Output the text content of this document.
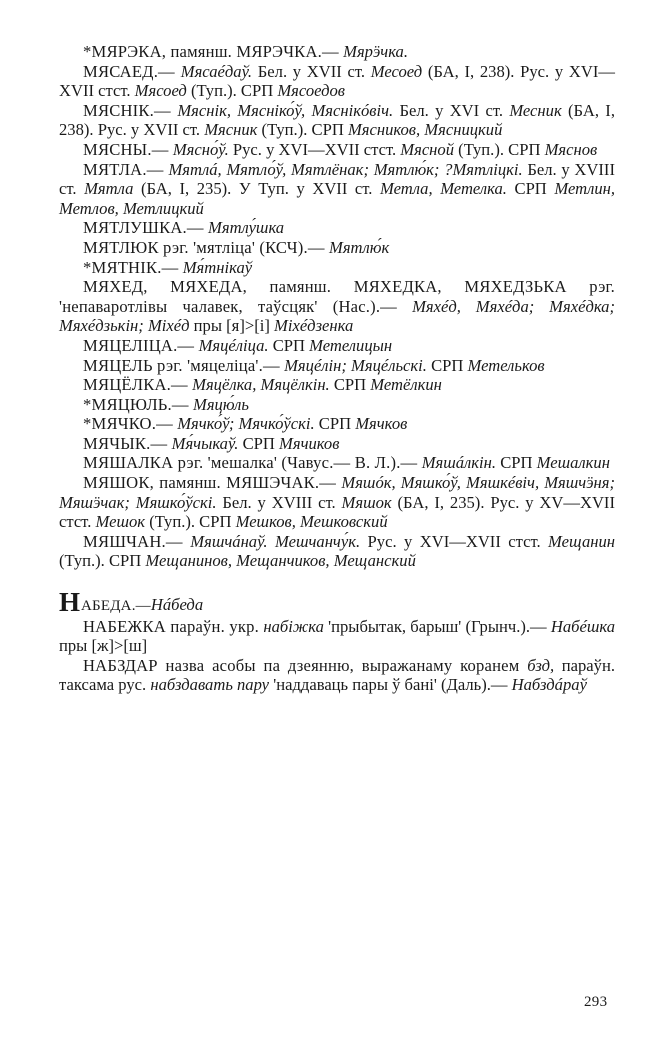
*МЯРЭКА, памянш. МЯРЭЧКА.— Мярӭчка.

МЯСАЕД.— Мясаéдаў. Бел. у XVII ст. Месоед (БА, I, 238). Рус. у XVI—XVII стст. Мясоед (Туп.). СРП Мясоедов

МЯСНІК.— Мяснік, Мясніко́ў, Мяснікóвіч. Бел. у XVI ст. Месник (БА, I, 238). Рус. у XVII ст. Мясник (Туп.). СРП Мясников, Мясницкий

МЯСНЫ.— Мясно́ў. Рус. у XVI—XVII стст. Мясной (Туп.). СРП Мяснов

МЯТЛА.— Мятлá, Мятло́ў, Мятлёнак; Мятлю́к; ?Мятліцкі. Бел. у XVIII ст. Мятла (БА, I, 235). У Туп. у XVII ст. Метла, Метелка. СРП Метлин, Метлов, Метлицкий

МЯТЛУШКА.— Мятлу́шка

МЯТЛЮК рэг. 'мятліца' (КСЧ).— Мятлю́к

*МЯТНІК.— Мя́тнікаў

МЯХЕД, МЯХЕДА, памянш. МЯХЕДКА, МЯХЕДЗЬКА рэг. 'непаваротлівы чалавек, таўсцяк' (Нас.).— Мяхéд, Мяхéда; Мяхéдка; Мяхéдзькін; Міхéд пры [я]>[і] Міхéдзенка

МЯЦЕЛІЦА.— Мяцéліца. СРП Метелицын

МЯЦЕЛЬ рэг. 'мяцеліца'.— Мяцéлін; Мяцéльскі. СРП Метельков

МЯЦЁЛКА.— Мяцёлка, Мяцёлкін. СРП Метёлкин

*МЯЦЮЛЬ.— Мяцю́ль

*МЯЧКО.— Мячко́ў; Мячко́ўскі. СРП Мячков

МЯЧЫК.— Мя́чыкаў. СРП Мячиков

МЯШАЛКА рэг. 'мешалка' (Чавус.— В. Л.).— Мяшáлкін. СРП Мешалкин

МЯШОК, памянш. МЯШЭЧАК.— Мяшóк, Мяшко́ў, Мяшкéвіч, Мяшчӭня; Мяшӭчак; Мяшко́ўскі. Бел. у XVIII ст. Мяшок (БА, I, 235). Рус. у XV—XVII стст. Мешок (Туп.). СРП Мешков, Мешковский

МЯШЧАН.— Мяшчáнаў. Мешчанчу́к. Рус. у XVI—XVII стст. Мещанин (Туп.). СРП Мещанинов, Мещанчиков, Мещанский

НАБЕДА.—Нáбеда

НАБЕЖКА параўн. укр. набіжка 'прыбытак, барыш' (Грынч.).— Набéшка пры [ж]>[ш]

НАБЗДАР назва асобы па дзеянню, выражанаму коранем бзд, параўн. таксама рус. набздавать пару 'наддаваць пары ў бані' (Даль).— Набздáраў

293
